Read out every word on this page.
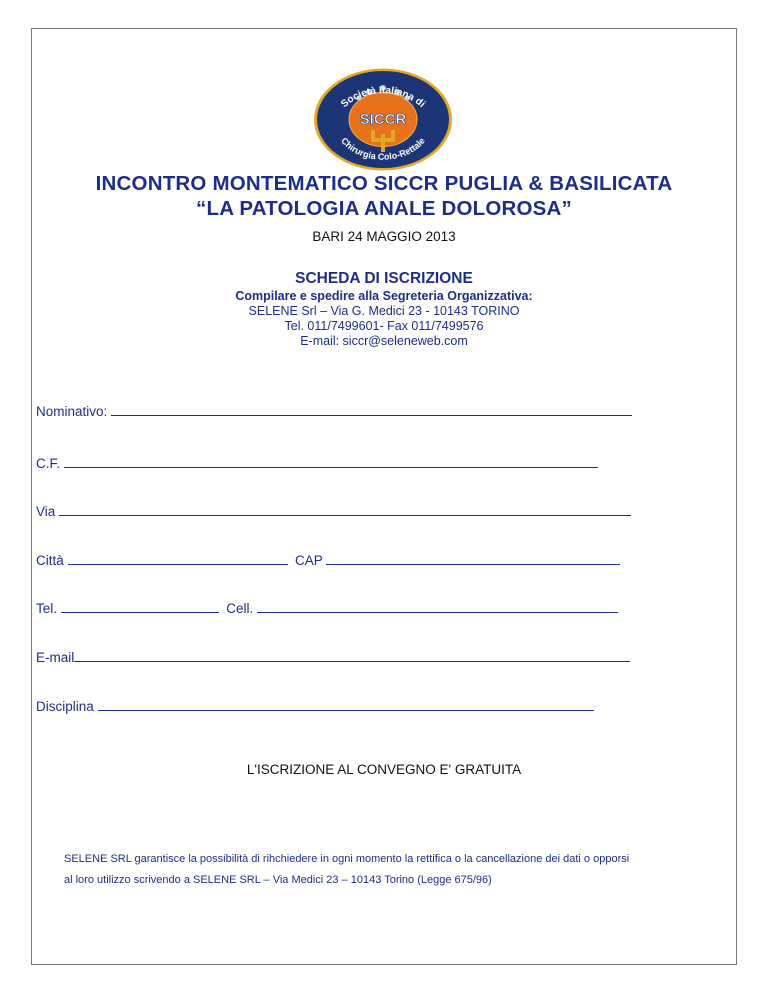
Società Italiana di
SICCR
Chirurgia Colo-Rettale
INCONTRO MONTEMATICO SICCR PUGLIA & BASILICATA
“LA PATOLOGIA ANALE DOLOROSA”
BARI 24 MAGGIO 2013
SCHEDA DI ISCRIZIONE
Compilare e spedire alla Segreteria Organizzativa:
SELENE Srl – Via G. Medici 23 - 10143 TORINO
Tel. 011/7499601- Fax 011/7499576
E-mail: siccr@seleneweb.com
Nominativo:
C.F.
Via
Città	CAP
Tel.	Cell.
E-mail
Disciplina
L'ISCRIZIONE AL CONVEGNO E' GRATUITA
SELENE SRL garantisce la possibilità di rihchiedere in ogni momento la rettifica o la cancellazione dei dati o opporsi
al loro utilizzo scrivendo a SELENE SRL – Via Medici 23 – 10143 Torino (Legge 675/96)
